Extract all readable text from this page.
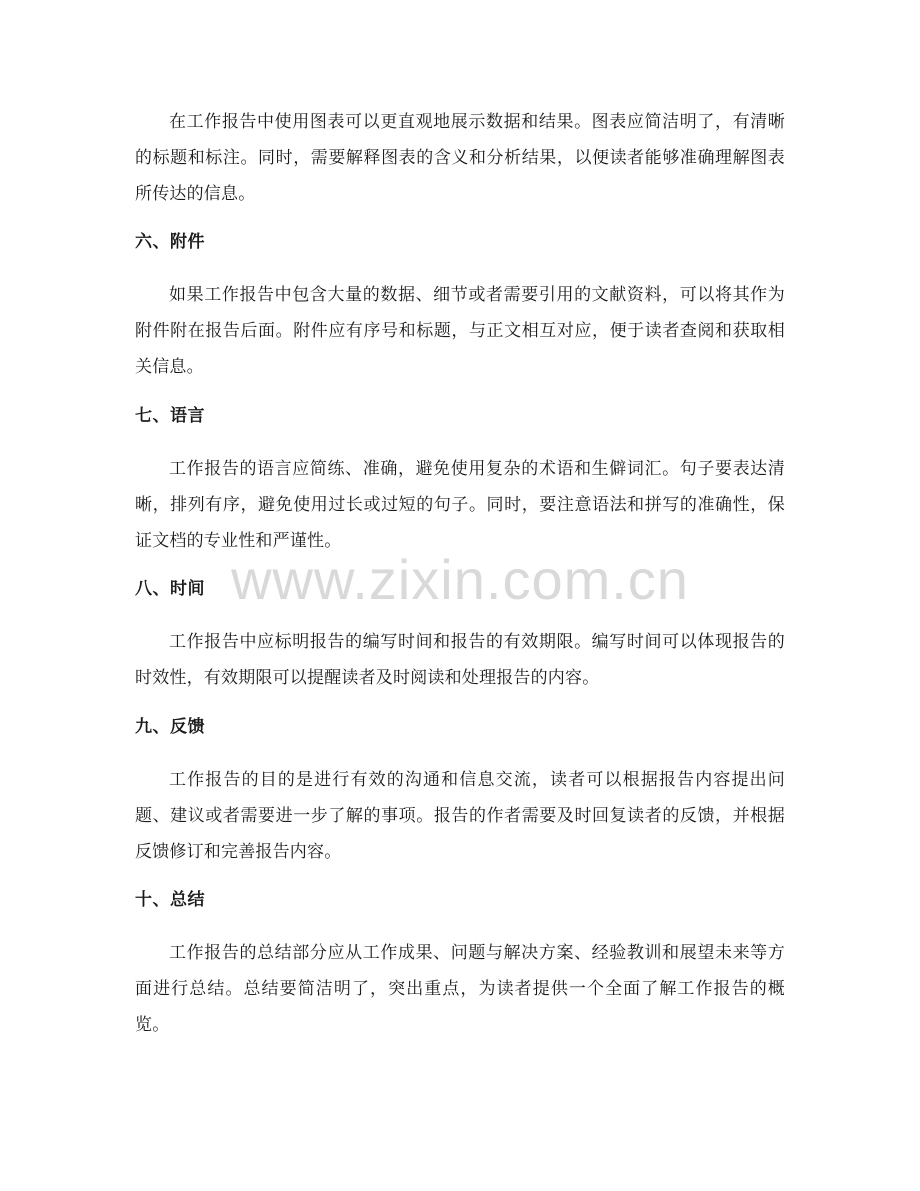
在工作报告中使用图表可以更直观地展示数据和结果。图表应简洁明了，有清晰的标题和标注。同时，需要解释图表的含义和分析结果，以便读者能够准确理解图表所传达的信息。

六、附件

如果工作报告中包含大量的数据、细节或者需要引用的文献资料，可以将其作为附件附在报告后面。附件应有序号和标题，与正文相互对应，便于读者查阅和获取相关信息。

七、语言

工作报告的语言应简练、准确，避免使用复杂的术语和生僻词汇。句子要表达清晰，排列有序，避免使用过长或过短的句子。同时，要注意语法和拼写的准确性，保证文档的专业性和严谨性。

八、时间

工作报告中应标明报告的编写时间和报告的有效期限。编写时间可以体现报告的时效性，有效期限可以提醒读者及时阅读和处理报告的内容。

九、反馈

工作报告的目的是进行有效的沟通和信息交流，读者可以根据报告内容提出问题、建议或者需要进一步了解的事项。报告的作者需要及时回复读者的反馈，并根据反馈修订和完善报告内容。

十、总结

工作报告的总结部分应从工作成果、问题与解决方案、经验教训和展望未来等方面进行总结。总结要简洁明了，突出重点，为读者提供一个全面了解工作报告的概览。

www.zixin.com.cn
